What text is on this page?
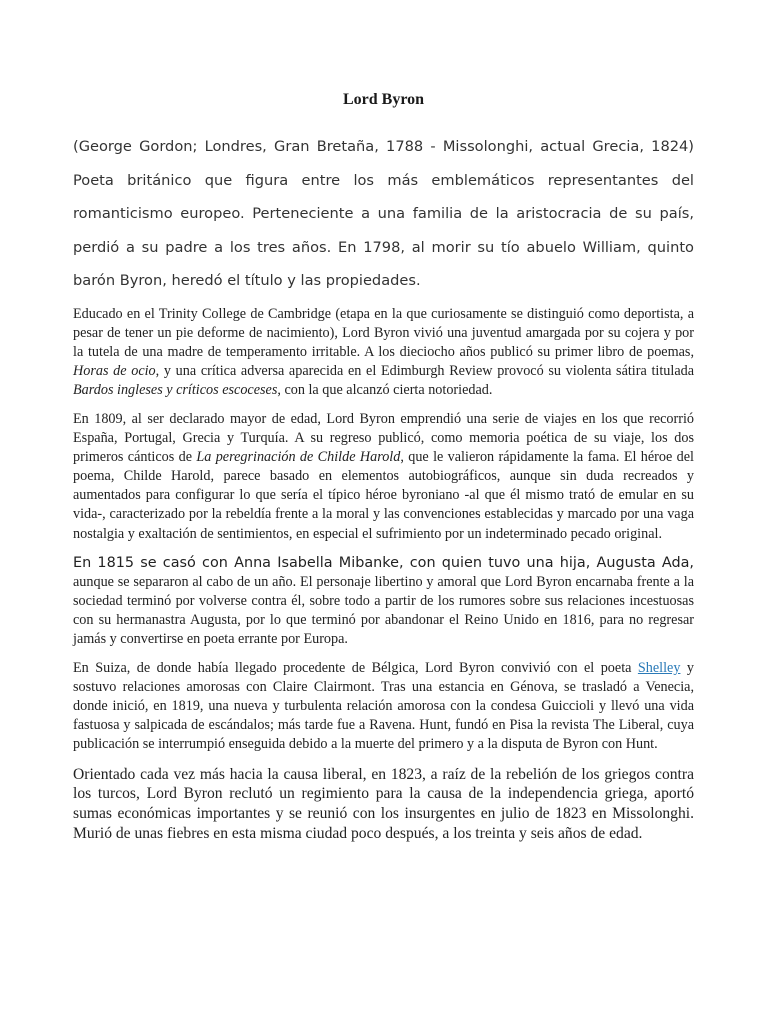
Lord Byron
(George Gordon; Londres, Gran Bretaña, 1788 - Missolonghi, actual Grecia, 1824)
Poeta británico que figura entre los más emblemáticos representantes del
romanticismo europeo. Perteneciente a una familia de la aristocracia de su país,
perdió a su padre a los tres años. En 1798, al morir su tío abuelo William, quinto
barón Byron, heredó el título y las propiedades.

Educado en el Trinity College de Cambridge (etapa en la que curiosamente se distinguió como deportista, a pesar de tener un pie deforme de nacimiento), Lord Byron vivió una juventud amargada por su cojera y por la tutela de una madre de temperamento irritable. A los dieciocho años publicó su primer libro de poemas, Horas de ocio, y una crítica adversa aparecida en el Edimburgh Review provocó su violenta sátira titulada Bardos ingleses y críticos escoceses, con la que alcanzó cierta notoriedad.

En 1809, al ser declarado mayor de edad, Lord Byron emprendió una serie de viajes en los que recorrió España, Portugal, Grecia y Turquía. A su regreso publicó, como memoria poética de su viaje, los dos primeros cánticos de La peregrinación de Childe Harold, que le valieron rápidamente la fama. El héroe del poema, Childe Harold, parece basado en elementos autobiográficos, aunque sin duda recreados y aumentados para configurar lo que sería el típico héroe byroniano -al que él mismo trató de emular en su vida-, caracterizado por la rebeldía frente a la moral y las convenciones establecidas y marcado por una vaga nostalgia y exaltación de sentimientos, en especial el sufrimiento por un indeterminado pecado original.

En 1815 se casó con Anna Isabella Mibanke, con quien tuvo una hija, Augusta Ada, aunque se separaron al cabo de un año. El personaje libertino y amoral que Lord Byron encarnaba frente a la sociedad terminó por volverse contra él, sobre todo a partir de los rumores sobre sus relaciones incestuosas con su hermanastra Augusta, por lo que terminó por abandonar el Reino Unido en 1816, para no regresar jamás y convertirse en poeta errante por Europa.

En Suiza, de donde había llegado procedente de Bélgica, Lord Byron convivió con el poeta Shelley y sostuvo relaciones amorosas con Claire Clairmont. Tras una estancia en Génova, se trasladó a Venecia, donde inició, en 1819, una nueva y turbulenta relación amorosa con la condesa Guiccioli y llevó una vida fastuosa y salpicada de escándalos; más tarde fue a Ravena. Hunt, fundó en Pisa la revista The Liberal, cuya publicación se interrumpió enseguida debido a la muerte del primero y a la disputa de Byron con Hunt.

Orientado cada vez más hacia la causa liberal, en 1823, a raíz de la rebelión de los griegos contra los turcos, Lord Byron reclutó un regimiento para la causa de la independencia griega, aportó sumas económicas importantes y se reunió con los insurgentes en julio de 1823 en Missolonghi. Murió de unas fiebres en esta misma ciudad poco después, a los treinta y seis años de edad.
